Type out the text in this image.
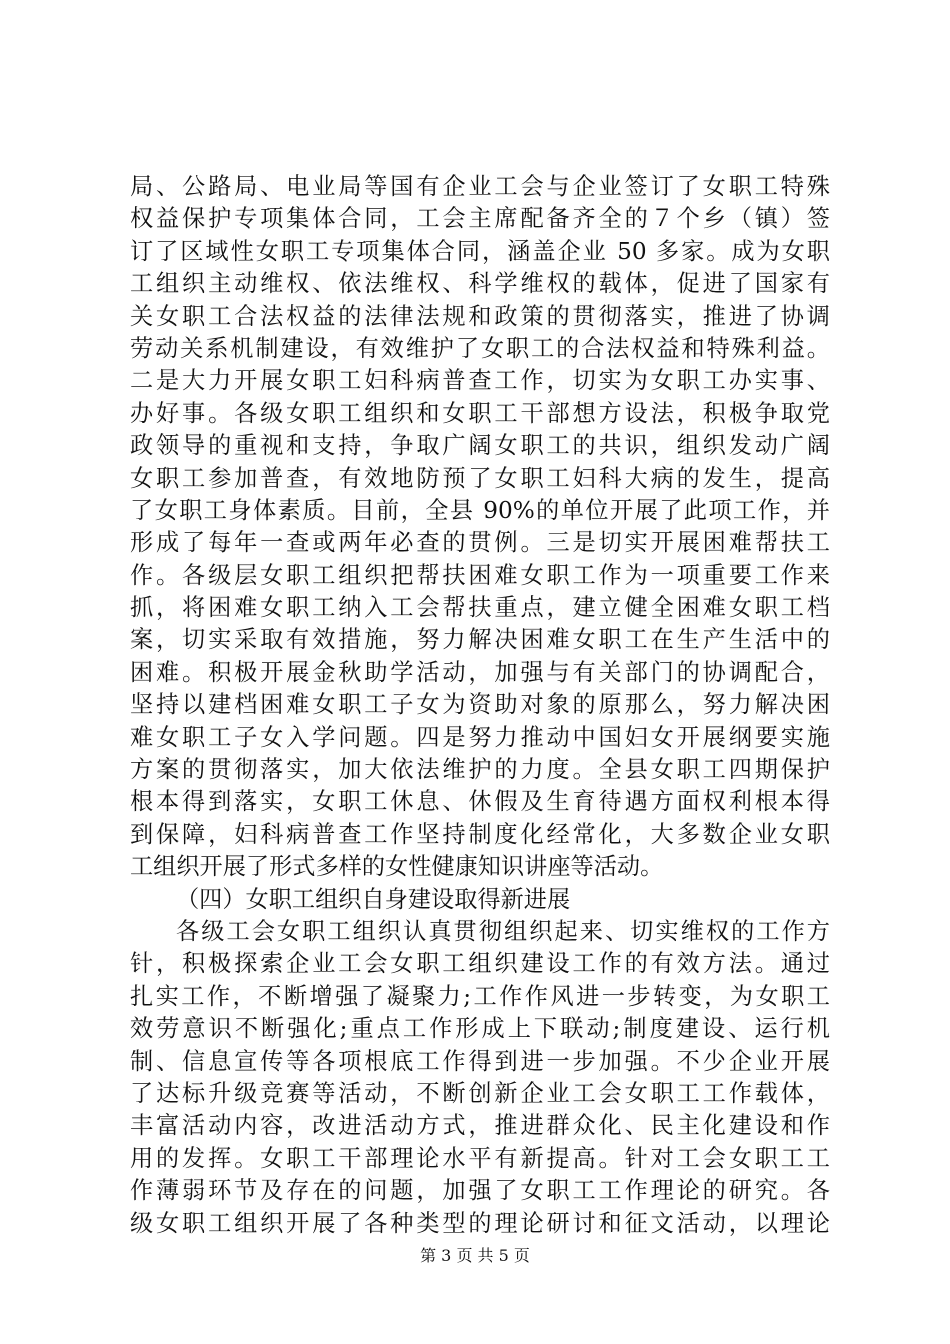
局、公路局、电业局等国有企业工会与企业签订了女职工特殊
权益保护专项集体合同，工会主席配备齐全的７个乡（镇）签
订了区域性女职工专项集体合同，涵盖企业 50 多家。成为女职
工组织主动维权、依法维权、科学维权的载体，促进了国家有
关女职工合法权益的法律法规和政策的贯彻落实，推进了协调
劳动关系机制建设，有效维护了女职工的合法权益和特殊利益。
二是大力开展女职工妇科病普查工作，切实为女职工办实事、
办好事。各级女职工组织和女职工干部想方设法，积极争取党
政领导的重视和支持，争取广阔女职工的共识，组织发动广阔
女职工参加普查，有效地防预了女职工妇科大病的发生，提高
了女职工身体素质。目前，全县 90%的单位开展了此项工作，并
形成了每年一查或两年必查的贯例。三是切实开展困难帮扶工
作。各级层女职工组织把帮扶困难女职工作为一项重要工作来
抓，将困难女职工纳入工会帮扶重点，建立健全困难女职工档
案，切实采取有效措施，努力解决困难女职工在生产生活中的
困难。积极开展金秋助学活动，加强与有关部门的协调配合，
坚持以建档困难女职工子女为资助对象的原那么，努力解决困
难女职工子女入学问题。四是努力推动中国妇女开展纲要实施
方案的贯彻落实，加大依法维护的力度。全县女职工四期保护
根本得到落实，女职工休息、休假及生育待遇方面权利根本得
到保障，妇科病普查工作坚持制度化经常化，大多数企业女职
工组织开展了形式多样的女性健康知识讲座等活动。
（四）女职工组织自身建设取得新进展
各级工会女职工组织认真贯彻组织起来、切实维权的工作方
针，积极探索企业工会女职工组织建设工作的有效方法。通过
扎实工作，不断增强了凝聚力;工作作风进一步转变，为女职工
效劳意识不断强化;重点工作形成上下联动;制度建设、运行机
制、信息宣传等各项根底工作得到进一步加强。不少企业开展
了达标升级竞赛等活动，不断创新企业工会女职工工作载体，
丰富活动内容，改进活动方式，推进群众化、民主化建设和作
用的发挥。女职工干部理论水平有新提高。针对工会女职工工
作薄弱环节及存在的问题，加强了女职工工作理论的研究。各
级女职工组织开展了各种类型的理论研讨和征文活动，以理论
第 3 页 共 5 页
